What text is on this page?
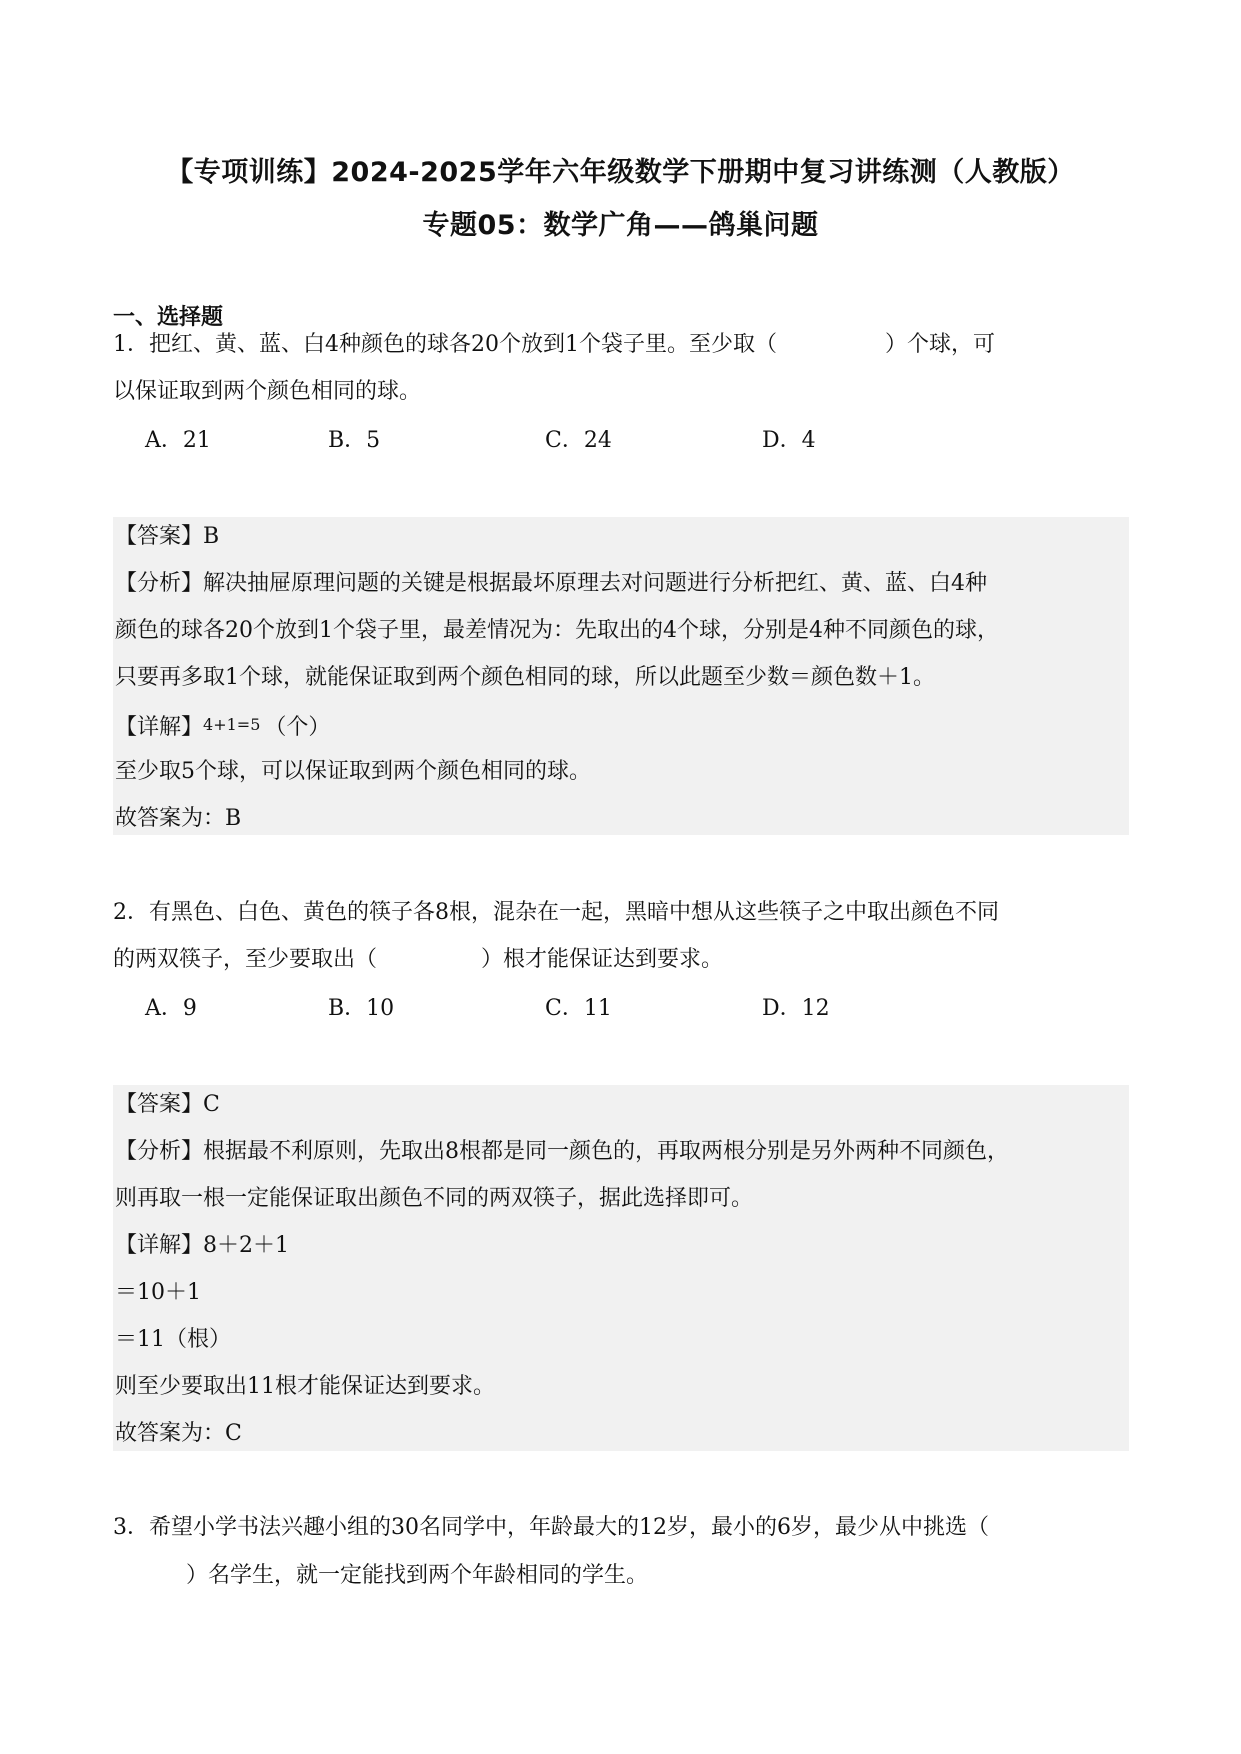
【专项训练】2024-2025学年六年级数学下册期中复习讲练测（人教版）
专题05：数学广角——鸽巢问题
一、选择题
1．把红、黄、蓝、白4种颜色的球各20个放到1个袋子里。至少取（	）个球，可
以保证取到两个颜色相同的球。
A．21	B．5	C．24	D．4
【答案】B
【分析】解决抽屉原理问题的关键是根据最坏原理去对问题进行分析把红、黄、蓝、白4种
颜色的球各20个放到1个袋子里，最差情况为：先取出的4个球，分别是4种不同颜色的球，
只要再多取1个球，就能保证取到两个颜色相同的球，所以此题至少数＝颜色数＋1。
【详解】4+1=5 （个）
至少取5个球，可以保证取到两个颜色相同的球。
故答案为：B
2．有黑色、白色、黄色的筷子各8根，混杂在一起，黑暗中想从这些筷子之中取出颜色不同
的两双筷子，至少要取出（	）根才能保证达到要求。
A．9	B．10	C．11	D．12
【答案】C
【分析】根据最不利原则，先取出8根都是同一颜色的，再取两根分别是另外两种不同颜色，
则再取一根一定能保证取出颜色不同的两双筷子，据此选择即可。
【详解】8＋2＋1
＝10＋1
＝11（根）
则至少要取出11根才能保证达到要求。
故答案为：C
3．希望小学书法兴趣小组的30名同学中，年龄最大的12岁，最小的6岁，最少从中挑选（
）名学生，就一定能找到两个年龄相同的学生。
